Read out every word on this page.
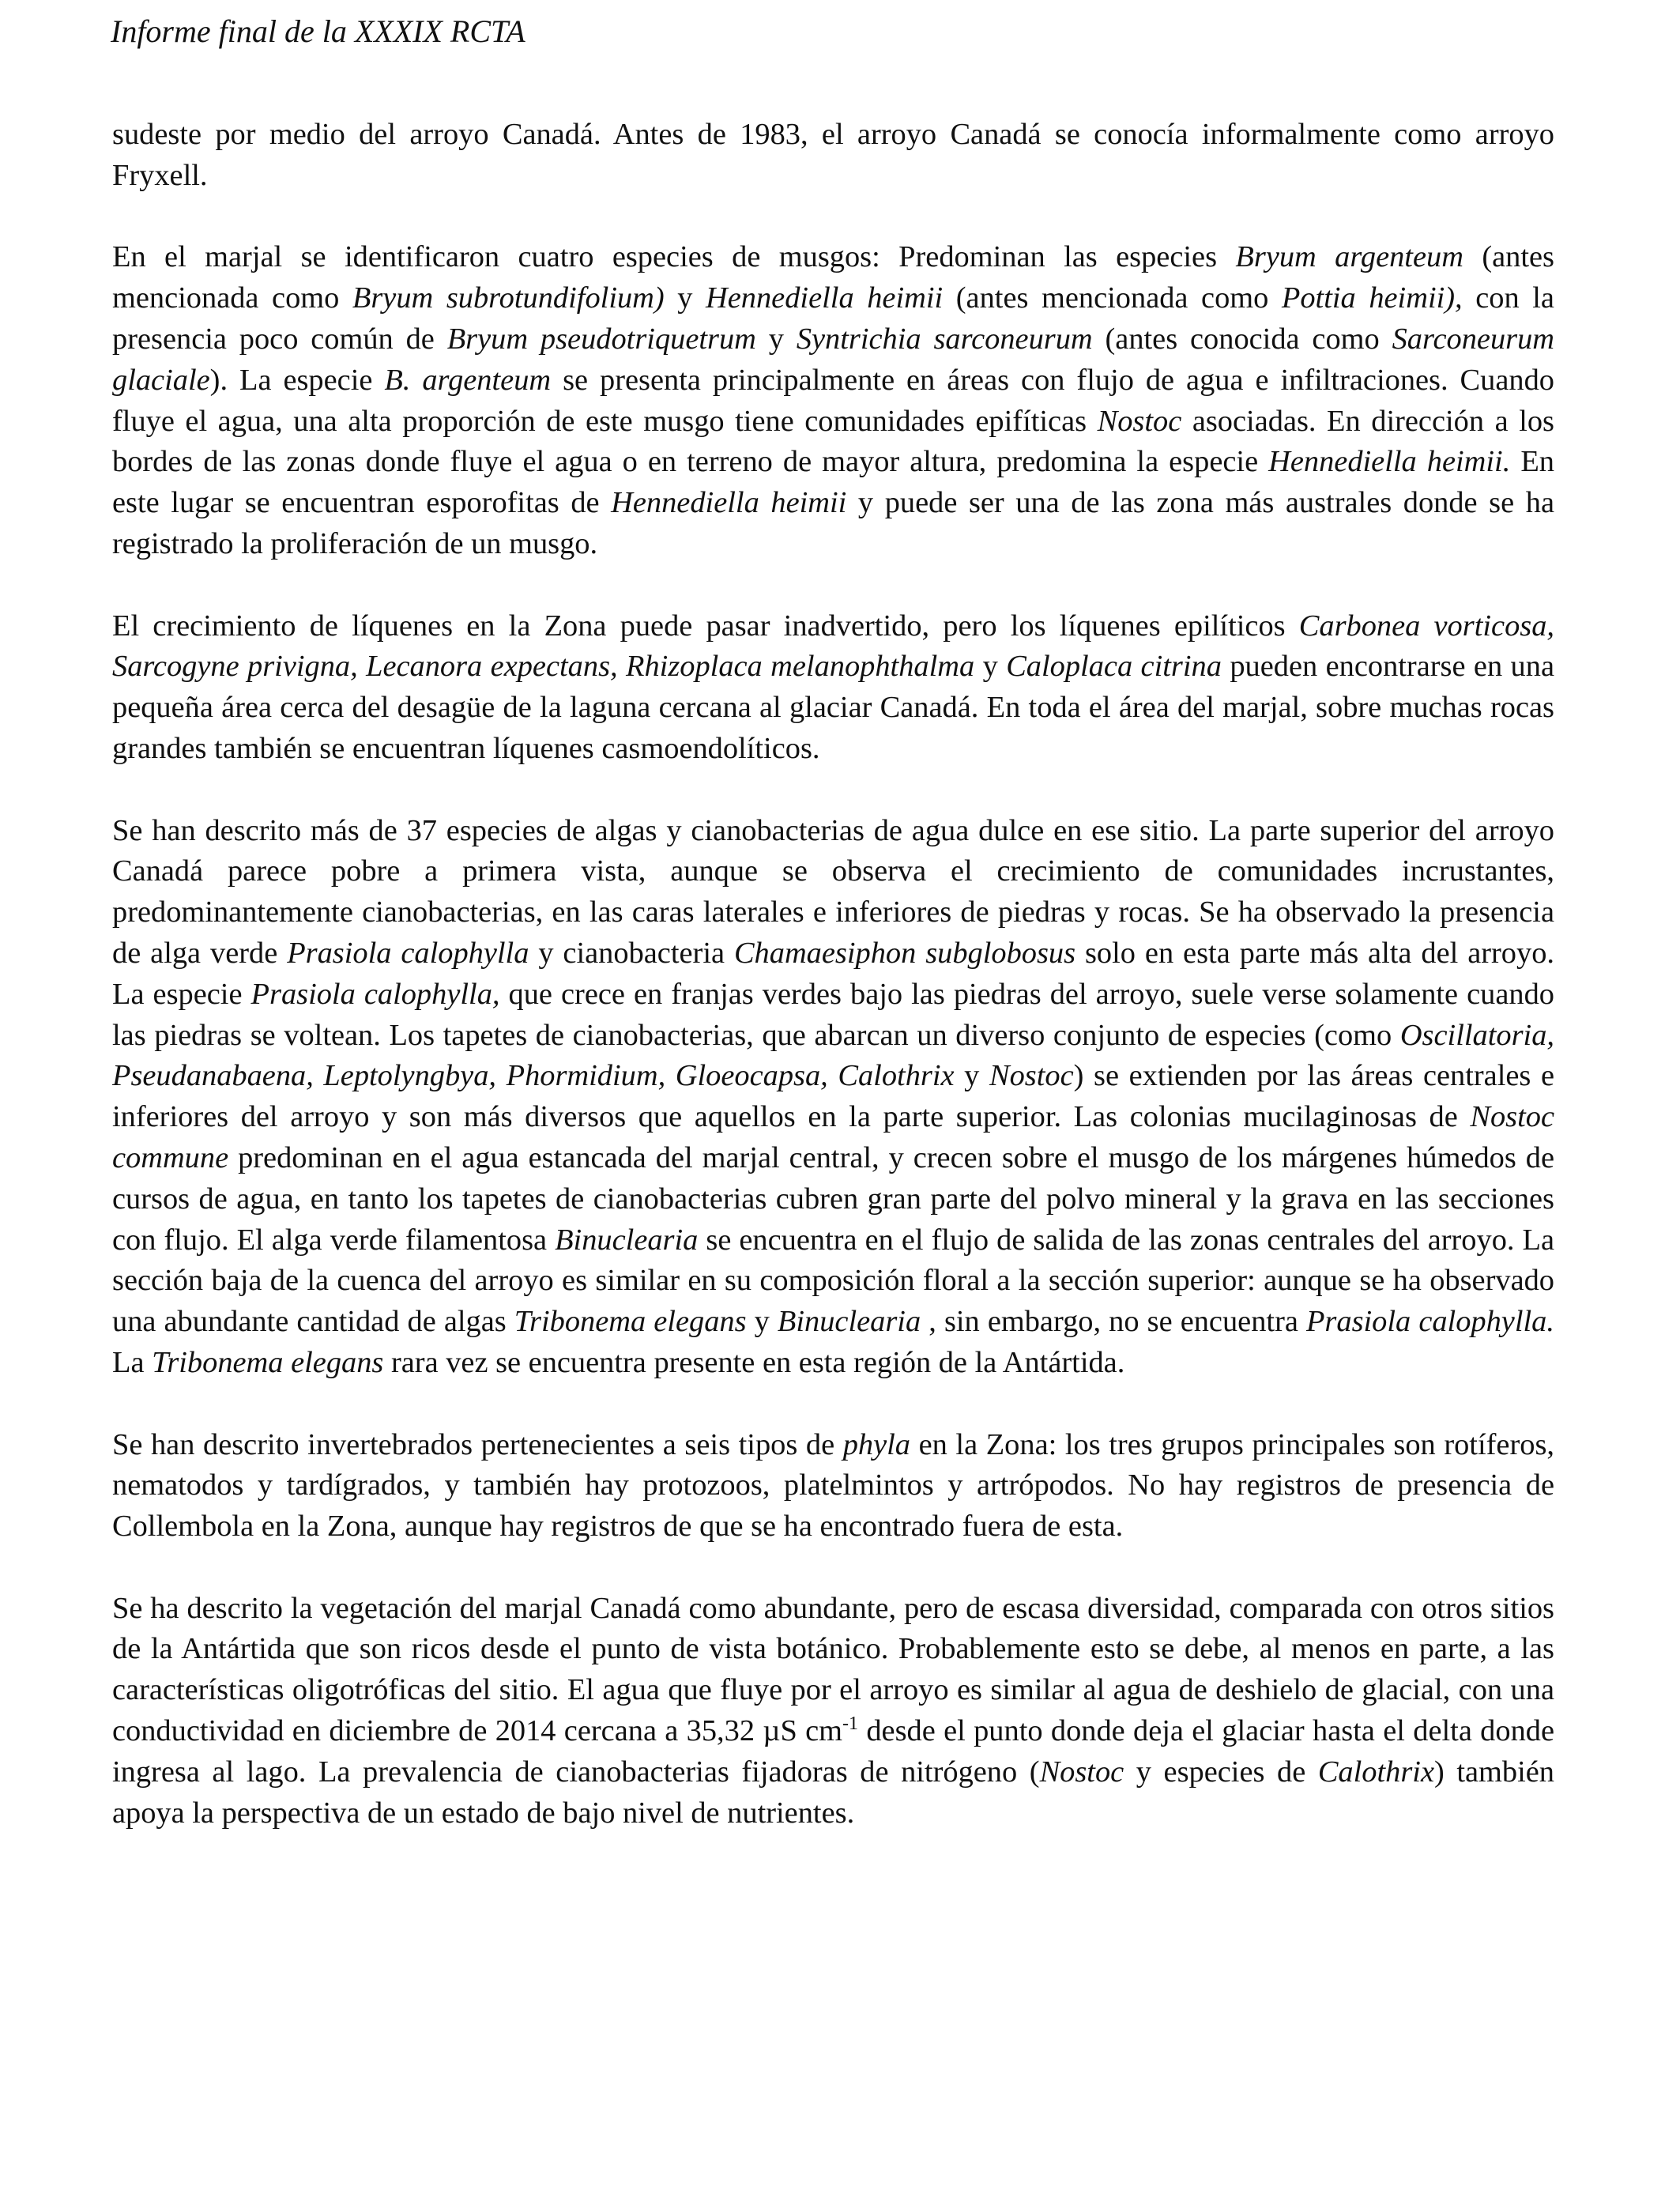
Informe final de la XXXIX RCTA

sudeste por medio del arroyo Canadá. Antes de 1983, el arroyo Canadá se conocía informalmente como arroyo Fryxell.

En el marjal se identificaron cuatro especies de musgos: Predominan las especies Bryum argenteum (antes mencionada como Bryum subrotundifolium) y Hennediella heimii (antes mencionada como Pottia heimii), con la presencia poco común de Bryum pseudotriquetrum y Syntrichia sarconeurum (antes conocida como Sarconeurum glaciale). La especie B. argenteum se presenta principalmente en áreas con flujo de agua e infiltraciones. Cuando fluye el agua, una alta proporción de este musgo tiene comunidades epifíticas Nostoc asociadas. En dirección a los bordes de las zonas donde fluye el agua o en terreno de mayor altura, predomina la especie Hennediella heimii. En este lugar se encuentran esporofitas de Hennediella heimii y puede ser una de las zona más australes donde se ha registrado la proliferación de un musgo.

El crecimiento de líquenes en la Zona puede pasar inadvertido, pero los líquenes epilíticos Carbonea vorticosa, Sarcogyne privigna, Lecanora expectans, Rhizoplaca melanophthalma y Caloplaca citrina pueden encontrarse en una pequeña área cerca del desagüe de la laguna cercana al glaciar Canadá. En toda el área del marjal, sobre muchas rocas grandes también se encuentran líquenes casmoendolíticos.

Se han descrito más de 37 especies de algas y cianobacterias de agua dulce en ese sitio. La parte superior del arroyo Canadá parece pobre a primera vista, aunque se observa el crecimiento de comunidades incrustantes, predominantemente cianobacterias, en las caras laterales e inferiores de piedras y rocas. Se ha observado la presencia de alga verde Prasiola calophylla y cianobacteria Chamaesiphon subglobosus solo en esta parte más alta del arroyo. La especie Prasiola calophylla, que crece en franjas verdes bajo las piedras del arroyo, suele verse solamente cuando las piedras se voltean. Los tapetes de cianobacterias, que abarcan un diverso conjunto de especies (como Oscillatoria, Pseudanabaena, Leptolyngbya, Phormidium, Gloeocapsa, Calothrix y Nostoc) se extienden por las áreas centrales e inferiores del arroyo y son más diversos que aquellos en la parte superior. Las colonias mucilaginosas de Nostoc commune predominan en el agua estancada del marjal central, y crecen sobre el musgo de los márgenes húmedos de cursos de agua, en tanto los tapetes de cianobacterias cubren gran parte del polvo mineral y la grava en las secciones con flujo. El alga verde filamentosa Binuclearia se encuentra en el flujo de salida de las zonas centrales del arroyo. La sección baja de la cuenca del arroyo es similar en su composición floral a la sección superior: aunque se ha observado una abundante cantidad de algas Tribonema elegans y Binuclearia , sin embargo, no se encuentra Prasiola calophylla. La Tribonema elegans rara vez se encuentra presente en esta región de la Antártida.

Se han descrito invertebrados pertenecientes a seis tipos de phyla en la Zona: los tres grupos principales son rotíferos, nematodos y tardígrados, y también hay protozoos, platelmintos y artrópodos. No hay registros de presencia de Collembola en la Zona, aunque hay registros de que se ha encontrado fuera de esta.

Se ha descrito la vegetación del marjal Canadá como abundante, pero de escasa diversidad, comparada con otros sitios de la Antártida que son ricos desde el punto de vista botánico. Probablemente esto se debe, al menos en parte, a las características oligotróficas del sitio. El agua que fluye por el arroyo es similar al agua de deshielo de glacial, con una conductividad en diciembre de 2014 cercana a 35,32 µS $cm^{-1}$ desde el punto donde deja el glaciar hasta el delta donde ingresa al lago. La prevalencia de cianobacterias fijadoras de nitrógeno (Nostoc y especies de Calothrix) también apoya la perspectiva de un estado de bajo nivel de nutrientes.
